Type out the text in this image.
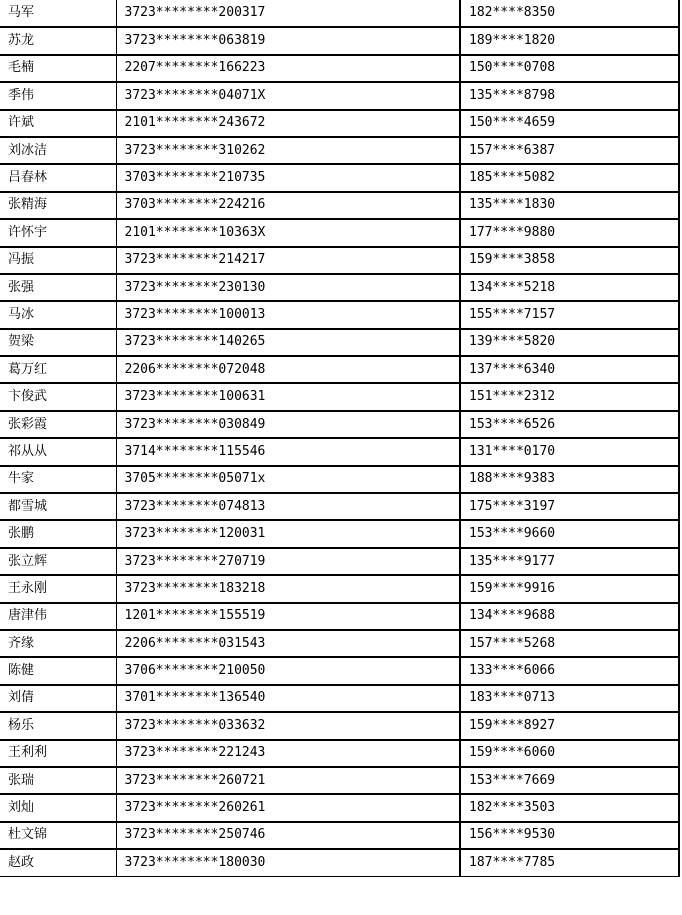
马军	3723********200317	182****8350
苏龙	3723********063819	189****1820
毛楠	2207********166223	150****0708
季伟	3723********04071X	135****8798
许斌	2101********243672	150****4659
刘冰洁	3723********310262	157****6387
吕春林	3703********210735	185****5082
张精海	3703********224216	135****1830
许怀宇	2101********10363X	177****9880
冯振	3723********214217	159****3858
张强	3723********230130	134****5218
马冰	3723********100013	155****7157
贺梁	3723********140265	139****5820
葛万红	2206********072048	137****6340
卞俊武	3723********100631	151****2312
张彩霞	3723********030849	153****6526
祁从从	3714********115546	131****0170
牛家	3705********05071x	188****9383
都雪城	3723********074813	175****3197
张鹏	3723********120031	153****9660
张立辉	3723********270719	135****9177
王永刚	3723********183218	159****9916
唐津伟	1201********155519	134****9688
齐缘	2206********031543	157****5268
陈健	3706********210050	133****6066
刘倩	3701********136540	183****0713
杨乐	3723********033632	159****8927
王利利	3723********221243	159****6060
张瑞	3723********260721	153****7669
刘灿	3723********260261	182****3503
杜文锦	3723********250746	156****9530
赵政	3723********180030	187****7785
